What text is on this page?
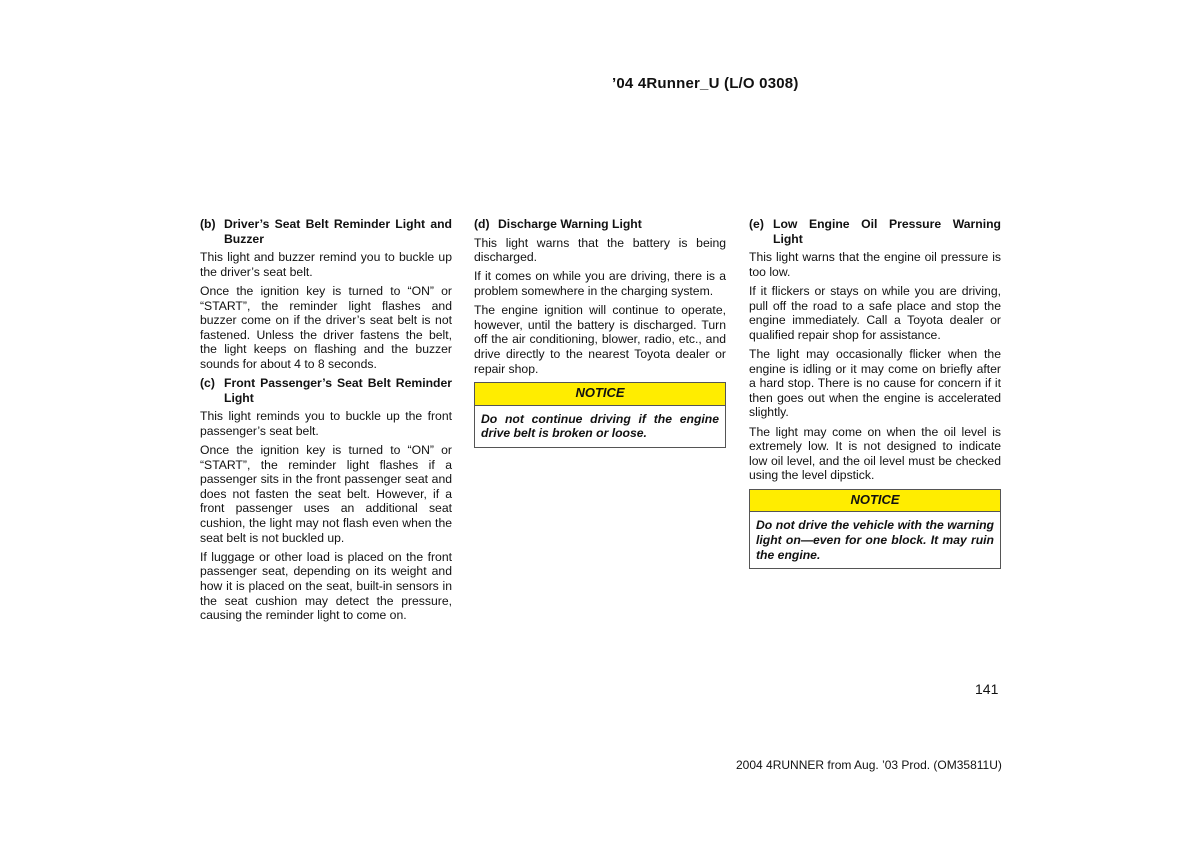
’04 4Runner_U (L/O 0308)
(b) Driver’s Seat Belt Reminder Light and Buzzer

This light and buzzer remind you to buckle up the driver’s seat belt.

Once the ignition key is turned to “ON” or “START”, the reminder light flashes and buzzer come on if the driver’s seat belt is not fastened. Unless the driver fastens the belt, the light keeps on flashing and the buzzer sounds for about 4 to 8 seconds.

(c) Front Passenger’s Seat Belt Reminder Light

This light reminds you to buckle up the front passenger’s seat belt.

Once the ignition key is turned to “ON” or “START”, the reminder light flashes if a passenger sits in the front passenger seat and does not fasten the seat belt. However, if a front passenger uses an additional seat cushion, the light may not flash even when the seat belt is not buckled up.

If luggage or other load is placed on the front passenger seat, depending on its weight and how it is placed on the seat, built-in sensors in the seat cushion may detect the pressure, causing the reminder light to come on.

(d) Discharge Warning Light

This light warns that the battery is being discharged.

If it comes on while you are driving, there is a problem somewhere in the charging system.

The engine ignition will continue to operate, however, until the battery is discharged. Turn off the air conditioning, blower, radio, etc., and drive directly to the nearest Toyota dealer or repair shop.

NOTICE
Do not continue driving if the engine drive belt is broken or loose.
(e) Low Engine Oil Pressure Warning Light

This light warns that the engine oil pressure is too low.

If it flickers or stays on while you are driving, pull off the road to a safe place and stop the engine immediately. Call a Toyota dealer or qualified repair shop for assistance.

The light may occasionally flicker when the engine is idling or it may come on briefly after a hard stop. There is no cause for concern if it then goes out when the engine is accelerated slightly.

The light may come on when the oil level is extremely low. It is not designed to indicate low oil level, and the oil level must be checked using the level dipstick.

NOTICE
Do not drive the vehicle with the warning light on—even for one block. It may ruin the engine.
141
2004 4RUNNER from Aug. ’03 Prod. (OM35811U)
